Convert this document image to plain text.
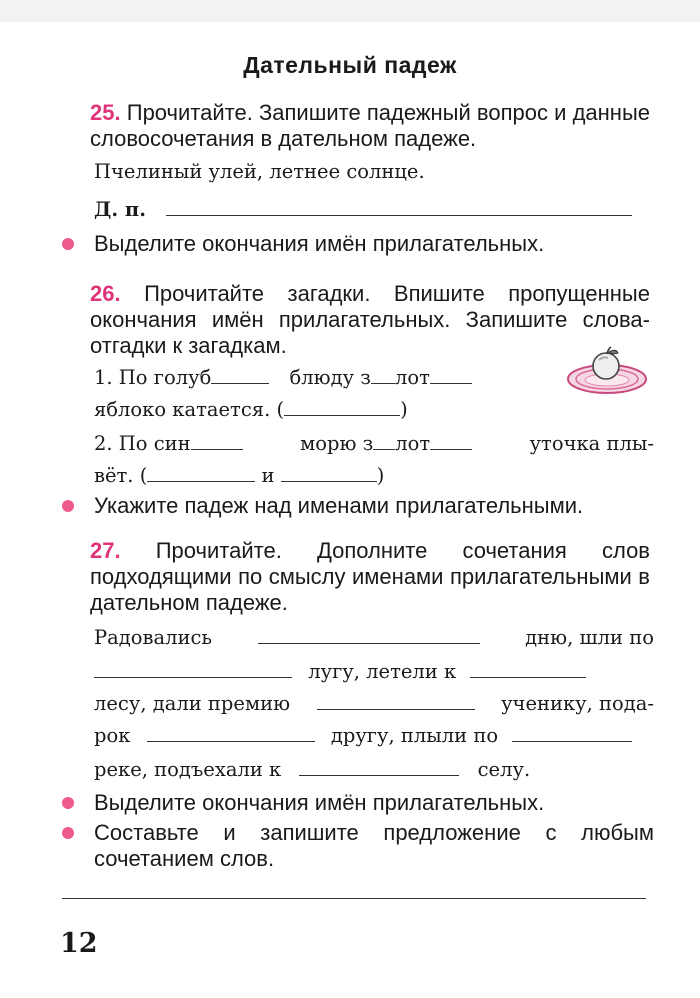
Дательный падеж
25. Прочитайте. Запишите падежный вопрос и данные словосочетания в дательном падеже.
Пчелиный улей, летнее солнце.
Д. п.
Выделите окончания имён прилагательных.
26. Прочитайте загадки. Впишите пропущенные окончания имён прилагательных. Запишите слова-отгадки к загадкам.
1. По голуб	блюду з лот
яблоко катается. (	)
2. По син	морю з лот	уточка плы-
вёт. (	и	)
Укажите падеж над именами прилагательными.
27. Прочитайте. Дополните сочетания слов подходящими по смыслу именами прилагательными в дательном падеже.
Радовались	дню, шли по
лугу, летели к
лесу, дали премию	ученику, пода-
рок	другу, плыли по
реке, подъехали к	селу.
Выделите окончания имён прилагательных.
Составьте и запишите предложение с любым сочетанием слов.
12
